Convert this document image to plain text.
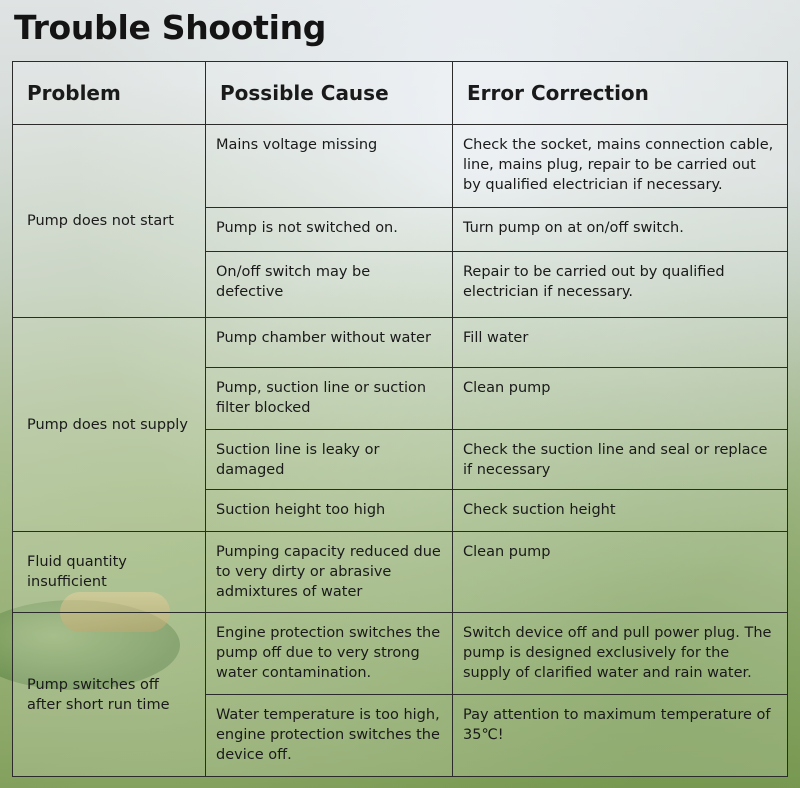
Trouble Shooting
Problem	Possible Cause	Error Correction
Pump does not start	Mains voltage missing	Check the socket, mains connection cable, line, mains plug, repair to be carried out by qualified electrician if necessary.
	Pump is not switched on.	Turn pump on at on/off switch.
	On/off switch may be defective	Repair to be carried out by qualified electrician if necessary.
Pump does not supply	Pump chamber without water	Fill water
	Pump, suction line or suction filter blocked	Clean pump
	Suction line is leaky or damaged	Check the suction line and seal or replace if necessary
	Suction height too high	Check suction height
Fluid quantity insufficient	Pumping capacity reduced due to very dirty or abrasive admixtures of water	Clean pump
Pump switches off after short run time	Engine protection switches the pump off due to very strong water contamination.	Switch device off and pull power plug. The pump is designed exclusively for the supply of clarified water and rain water.
	Water temperature is too high, engine protection switches the device off.	Pay attention to maximum temperature of 35℃!
